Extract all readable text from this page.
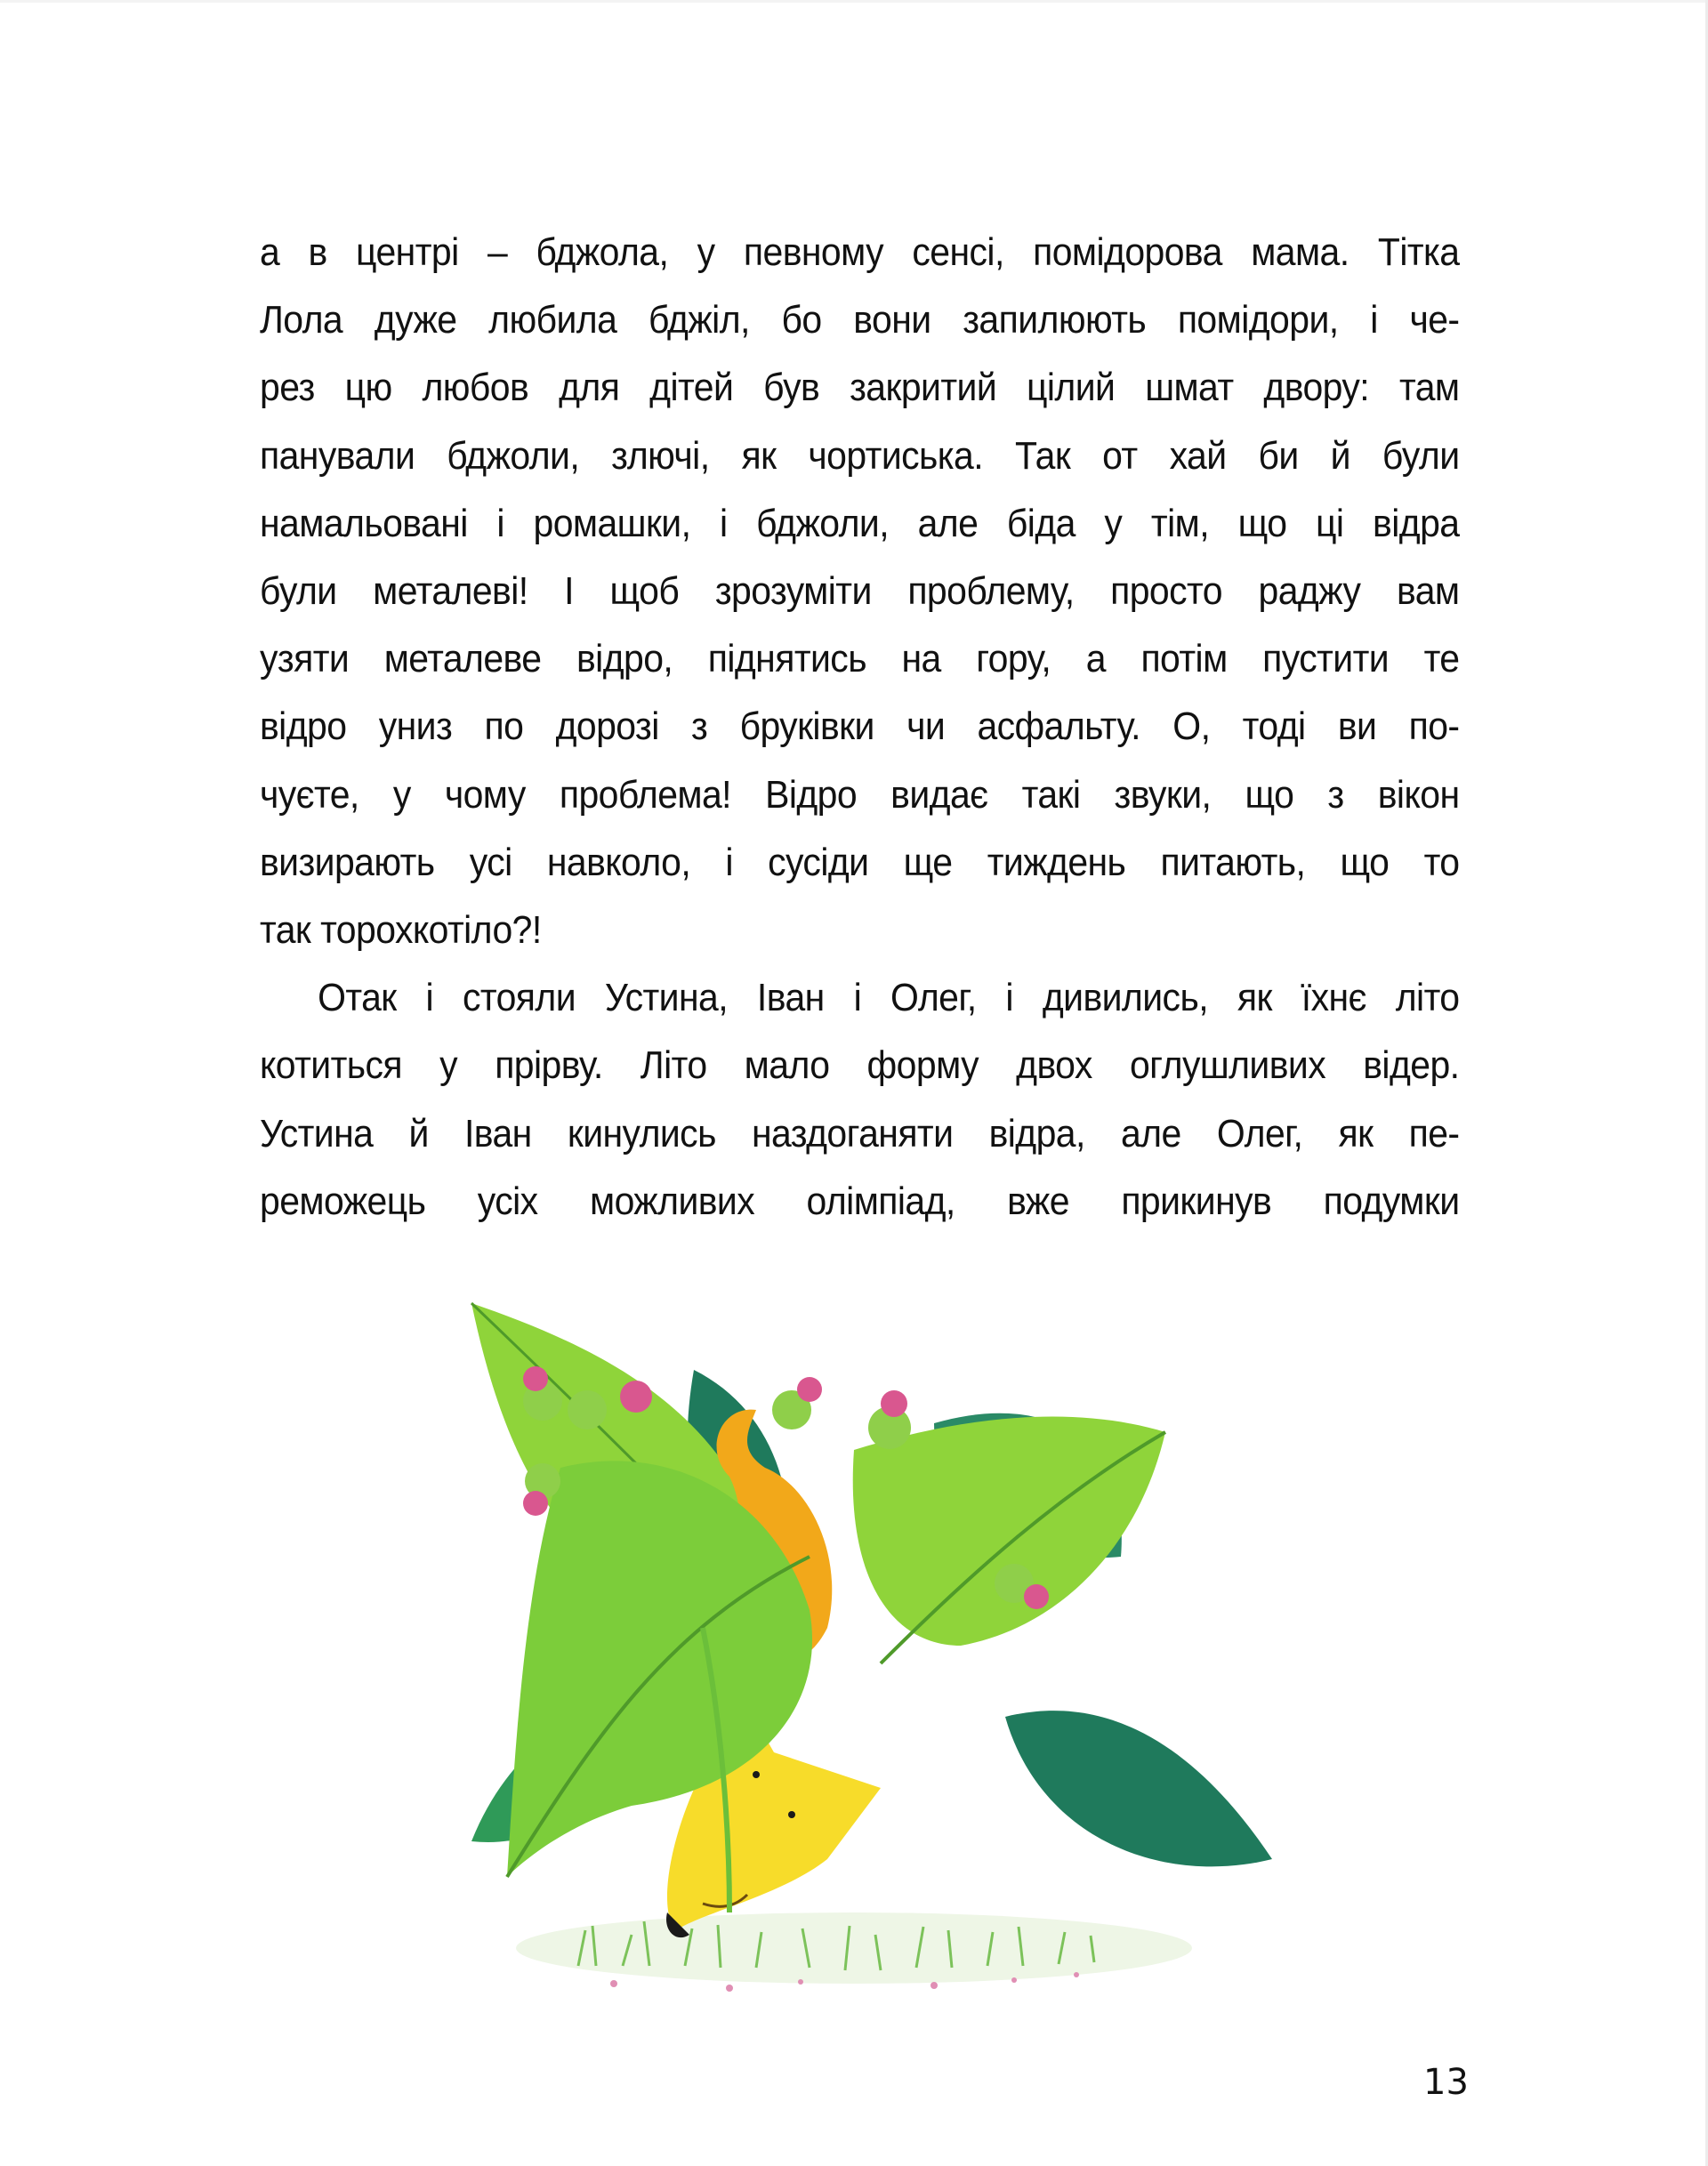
а в центрі – бджола, у певному сенсі, помідорова мама. Тітка
Лола дуже любила бджіл, бо вони запилюють помідори, і че-
рез цю любов для дітей був закритий цілий шмат двору: там
панували бджоли, злючі, як чортиська. Так от хай би й були
намальовані і ромашки, і бджоли, але біда у тім, що ці відра
були металеві! І щоб зрозуміти проблему, просто раджу вам
узяти металеве відро, піднятись на гору, а потім пустити те
відро униз по дорозі з бруківки чи асфальту. О, тоді ви по-
чуєте, у чому проблема! Відро видає такі звуки, що з вікон
визирають усі навколо, і сусіди ще тиждень питають, що то
так торохкотіло?!
Отак і стояли Устина, Іван і Олег, і дивились, як їхнє літо
котиться у прірву. Літо мало форму двох оглушливих відер.
Устина й Іван кинулись наздоганяти відра, але Олег, як пе-
реможець усіх можливих олімпіад, вже прикинув подумки
13
